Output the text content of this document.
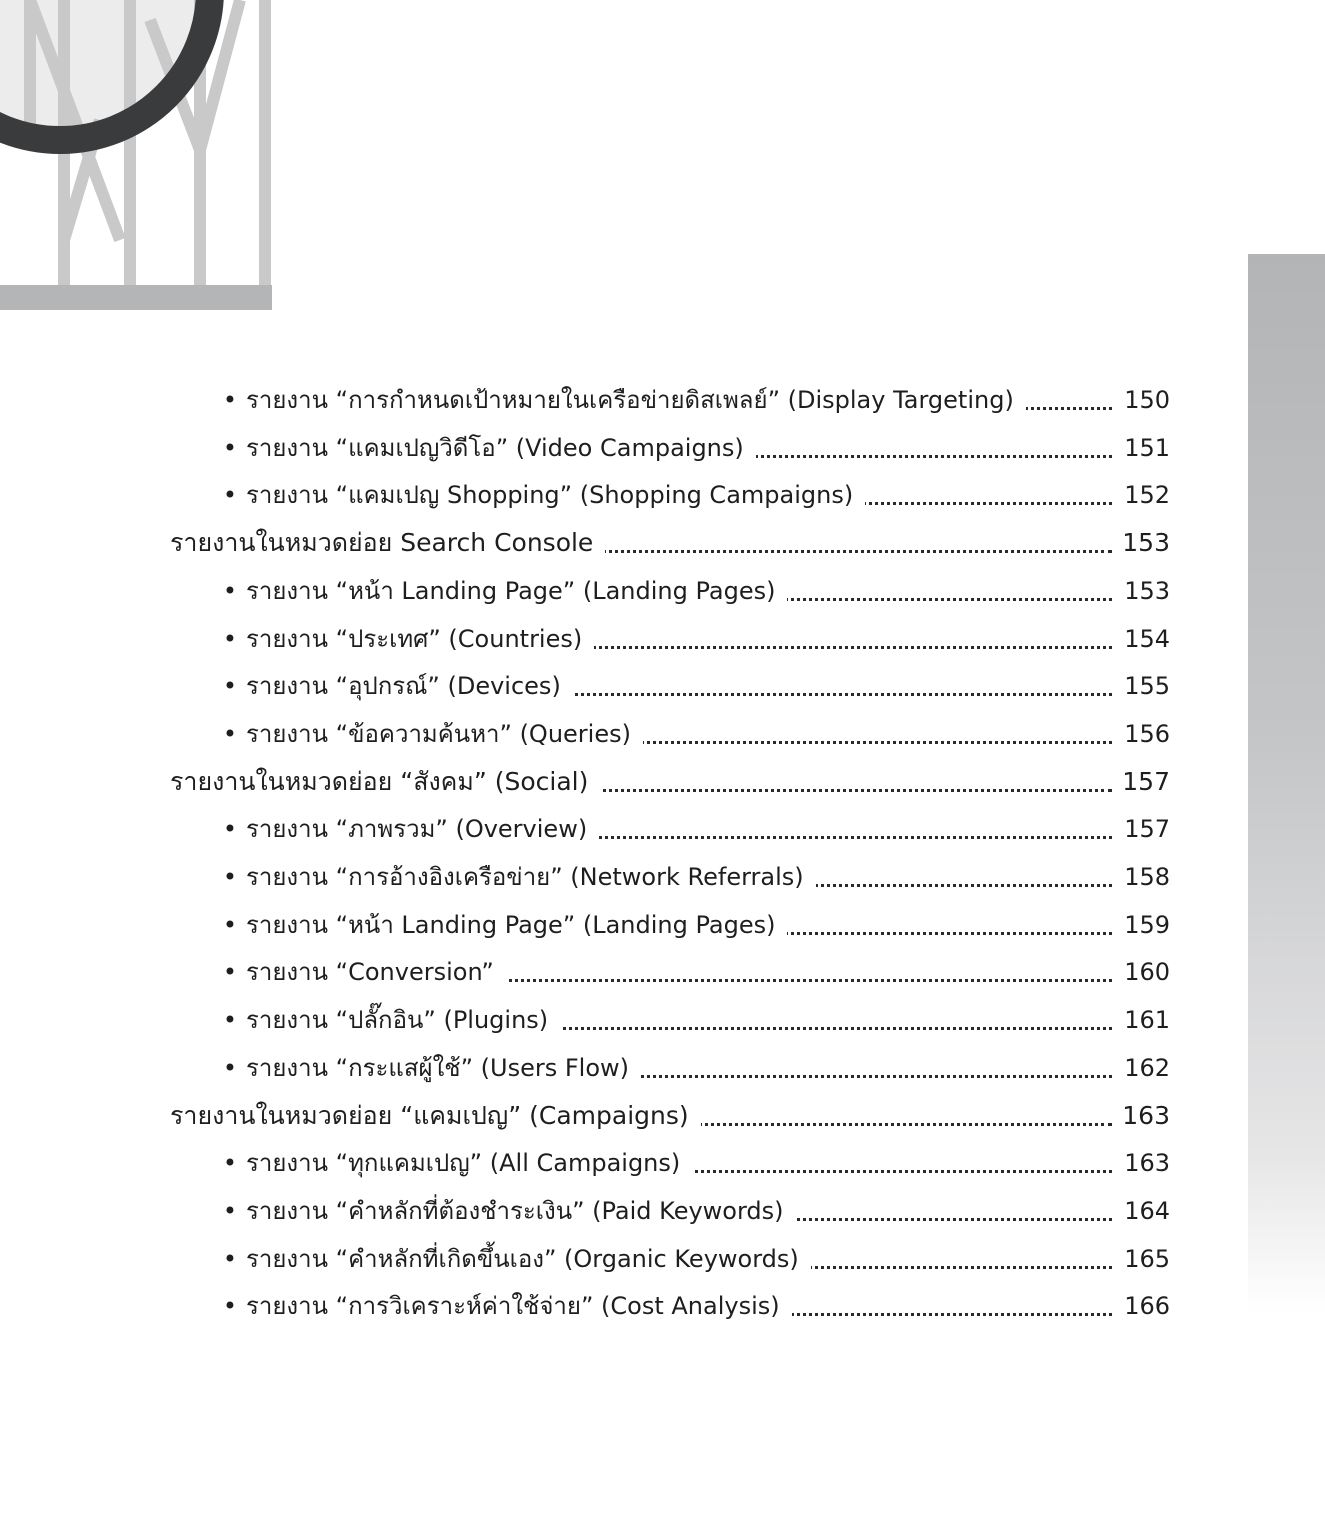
• รายงาน “การกำหนดเป้าหมายในเครือข่ายดิสเพลย์” (Display Targeting)	150
• รายงาน “แคมเปญวิดีโอ” (Video Campaigns)	151
• รายงาน “แคมเปญ Shopping” (Shopping Campaigns)	152
รายงานในหมวดย่อย Search Console	153
• รายงาน “หน้า Landing Page” (Landing Pages)	153
• รายงาน “ประเทศ” (Countries)	154
• รายงาน “อุปกรณ์” (Devices)	155
• รายงาน “ข้อความค้นหา” (Queries)	156
รายงานในหมวดย่อย “สังคม” (Social)	157
• รายงาน “ภาพรวม” (Overview)	157
• รายงาน “การอ้างอิงเครือข่าย” (Network Referrals)	158
• รายงาน “หน้า Landing Page” (Landing Pages)	159
• รายงาน “Conversion”	160
• รายงาน “ปลั๊กอิน” (Plugins)	161
• รายงาน “กระแสผู้ใช้” (Users Flow)	162
รายงานในหมวดย่อย “แคมเปญ” (Campaigns)	163
• รายงาน “ทุกแคมเปญ” (All Campaigns)	163
• รายงาน “คำหลักที่ต้องชำระเงิน” (Paid Keywords)	164
• รายงาน “คำหลักที่เกิดขึ้นเอง” (Organic Keywords)	165
• รายงาน “การวิเคราะห์ค่าใช้จ่าย” (Cost Analysis)	166
